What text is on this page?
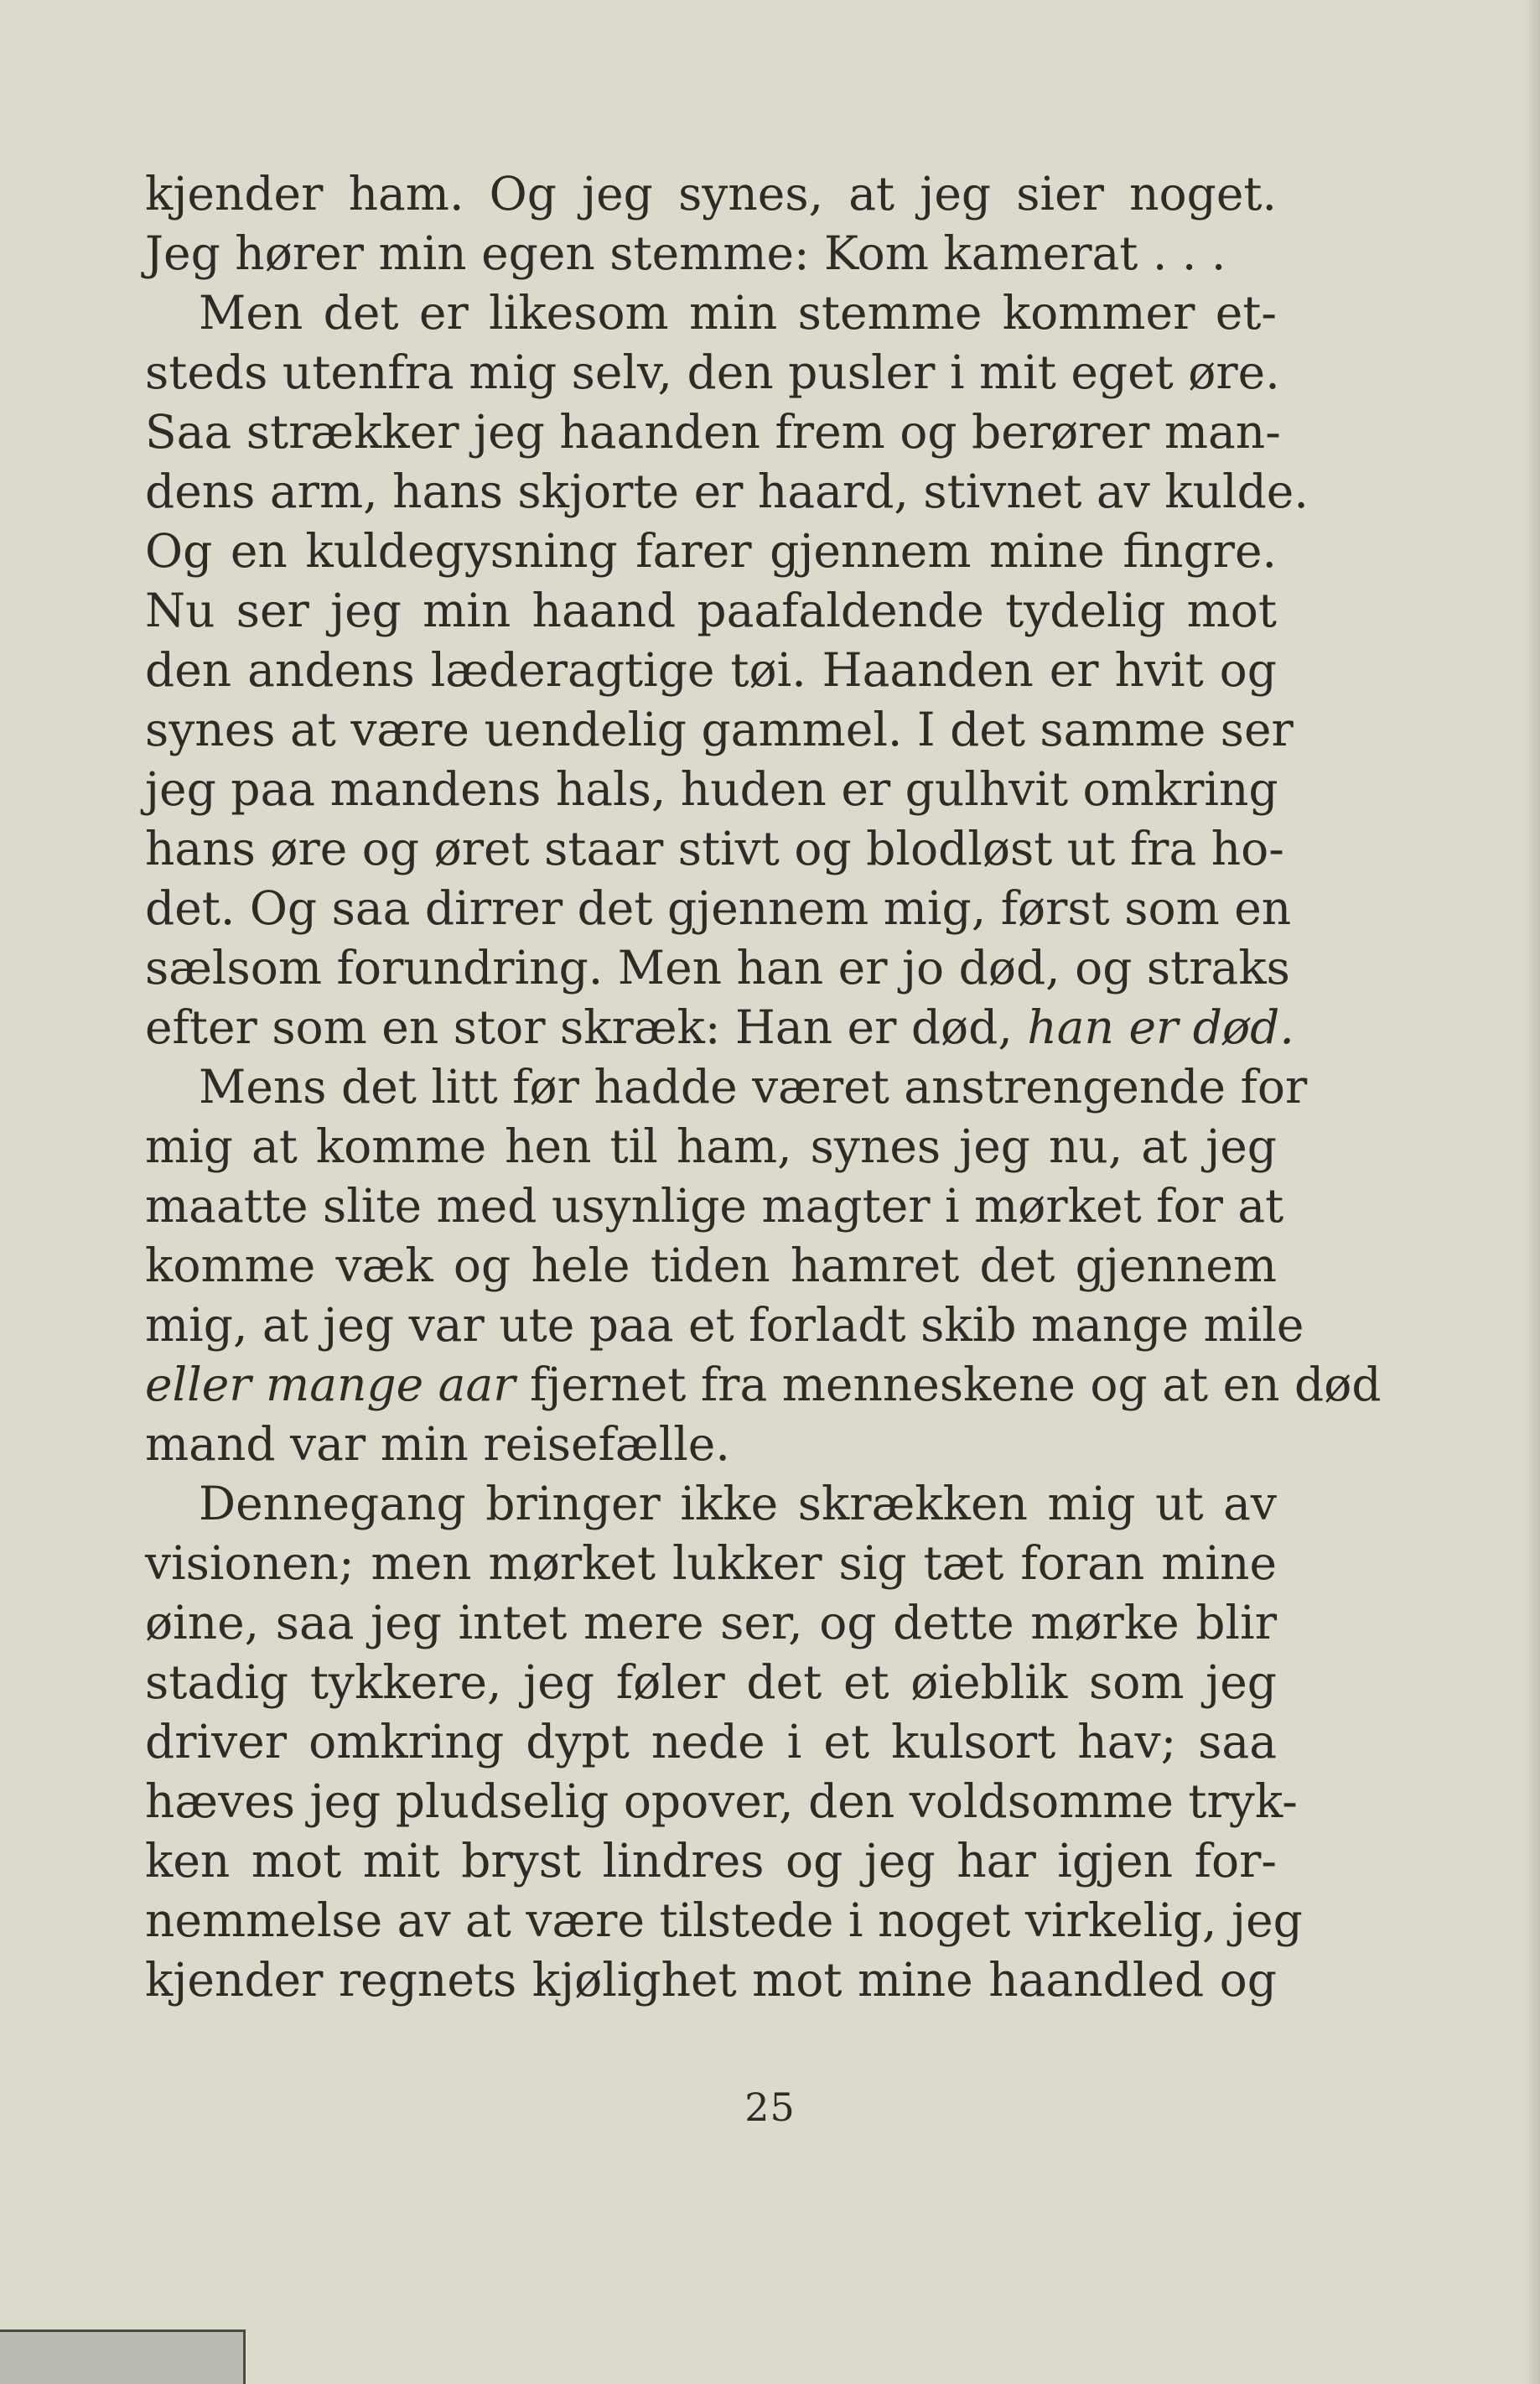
kjender ham. Og jeg synes, at jeg sier noget.
Jeg hører min egen stemme: Kom kamerat . . .
Men det er likesom min stemme kommer et-
steds utenfra mig selv, den pusler i mit eget øre.
Saa strækker jeg haanden frem og berører man-
dens arm, hans skjorte er haard, stivnet av kulde.
Og en kuldegysning farer gjennem mine fingre.
Nu ser jeg min haand paafaldende tydelig mot
den andens læderagtige tøi. Haanden er hvit og
synes at være uendelig gammel. I det samme ser
jeg paa mandens hals, huden er gulhvit omkring
hans øre og øret staar stivt og blodløst ut fra ho-
det. Og saa dirrer det gjennem mig, først som en
sælsom forundring. Men han er jo død, og straks
efter som en stor skræk: Han er død, han er død.
Mens det litt før hadde været anstrengende for
mig at komme hen til ham, synes jeg nu, at jeg
maatte slite med usynlige magter i mørket for at
komme væk og hele tiden hamret det gjennem
mig, at jeg var ute paa et forladt skib mange mile
eller mange aar fjernet fra menneskene og at en død
mand var min reisefælle.
Dennegang bringer ikke skrækken mig ut av
visionen; men mørket lukker sig tæt foran mine
øine, saa jeg intet mere ser, og dette mørke blir
stadig tykkere, jeg føler det et øieblik som jeg
driver omkring dypt nede i et kulsort hav; saa
hæves jeg pludselig opover, den voldsomme tryk-
ken mot mit bryst lindres og jeg har igjen for-
nemmelse av at være tilstede i noget virkelig, jeg
kjender regnets kjølighet mot mine haandled og
25
